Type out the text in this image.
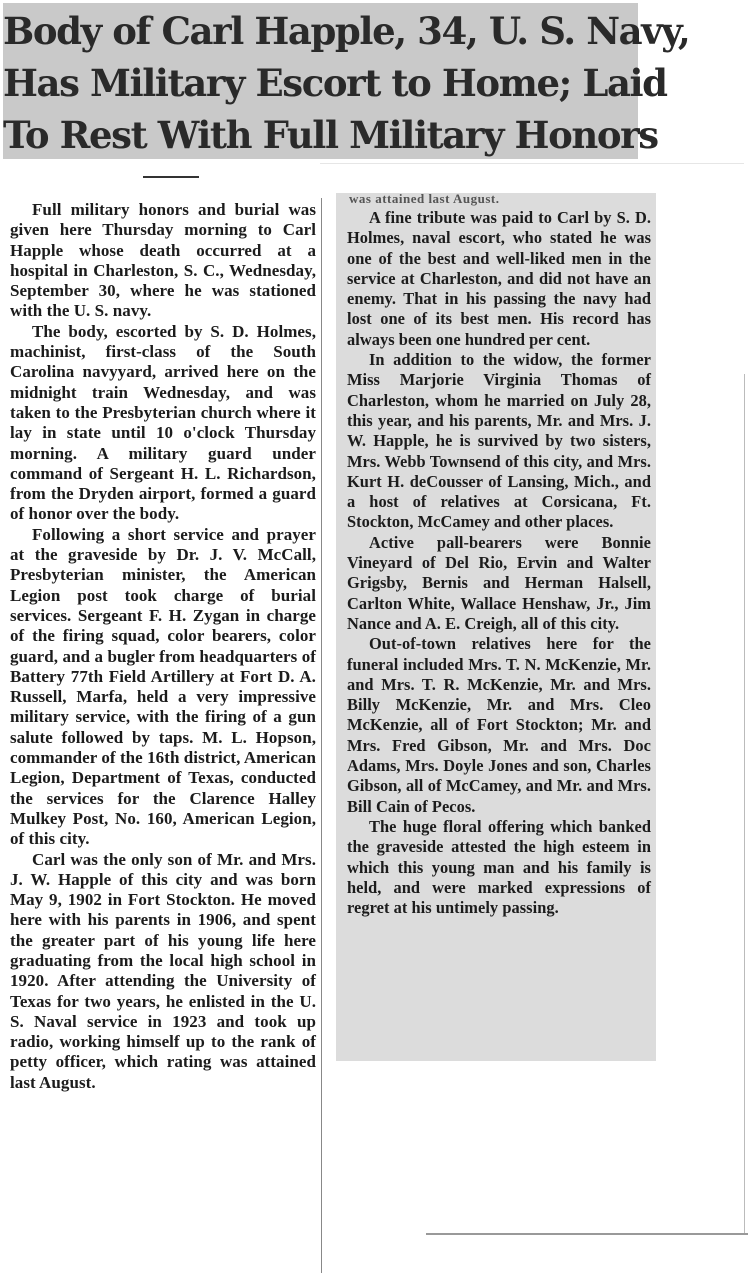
Body of Carl Happle, 34, U. S. Navy,
Has Military Escort to Home; Laid
To Rest With Full Military Honors

Full military honors and burial was given here Thursday morning to Carl Happle whose death occurred at a hospital in Charleston, S. C., Wednesday, September 30, where he was stationed with the U. S. navy.

The body, escorted by S. D. Holmes, machinist, first-class of the South Carolina navyyard, arrived here on the midnight train Wednesday, and was taken to the Presbyterian church where it lay in state until 10 o'clock Thursday morning. A military guard under command of Sergeant H. L. Richardson, from the Dryden airport, formed a guard of honor over the body.

Following a short service and prayer at the graveside by Dr. J. V. McCall, Presbyterian minister, the American Legion post took charge of burial services. Sergeant F. H. Zygan in charge of the firing squad, color bearers, color guard, and a bugler from headquarters of Battery 77th Field Artillery at Fort D. A. Russell, Marfa, held a very impressive military service, with the firing of a gun salute followed by taps. M. L. Hopson, commander of the 16th district, American Legion, Department of Texas, conducted the services for the Clarence Halley Mulkey Post, No. 160, American Legion, of this city.

Carl was the only son of Mr. and Mrs. J. W. Happle of this city and was born May 9, 1902 in Fort Stockton. He moved here with his parents in 1906, and spent the greater part of his young life here graduating from the local high school in 1920. After attending the University of Texas for two years, he enlisted in the U. S. Naval service in 1923 and took up radio, working himself up to the rank of petty officer, which rating was attained last August.

was attained last August.

A fine tribute was paid to Carl by S. D. Holmes, naval escort, who stated he was one of the best and well-liked men in the service at Charleston, and did not have an enemy. That in his passing the navy had lost one of its best men. His record has always been one hundred per cent.

In addition to the widow, the former Miss Marjorie Virginia Thomas of Charleston, whom he married on July 28, this year, and his parents, Mr. and Mrs. J. W. Happle, he is survived by two sisters, Mrs. Webb Townsend of this city, and Mrs. Kurt H. deCousser of Lansing, Mich., and a host of relatives at Corsicana, Ft. Stockton, McCamey and other places.

Active pall-bearers were Bonnie Vineyard of Del Rio, Ervin and Walter Grigsby, Bernis and Herman Halsell, Carlton White, Wallace Henshaw, Jr., Jim Nance and A. E. Creigh, all of this city.

Out-of-town relatives here for the funeral included Mrs. T. N. McKenzie, Mr. and Mrs. T. R. McKenzie, Mr. and Mrs. Billy McKenzie, Mr. and Mrs. Cleo McKenzie, all of Fort Stockton; Mr. and Mrs. Fred Gibson, Mr. and Mrs. Doc Adams, Mrs. Doyle Jones and son, Charles Gibson, all of McCamey, and Mr. and Mrs. Bill Cain of Pecos.

The huge floral offering which banked the graveside attested the high esteem in which this young man and his family is held, and were marked expressions of regret at his untimely passing.
